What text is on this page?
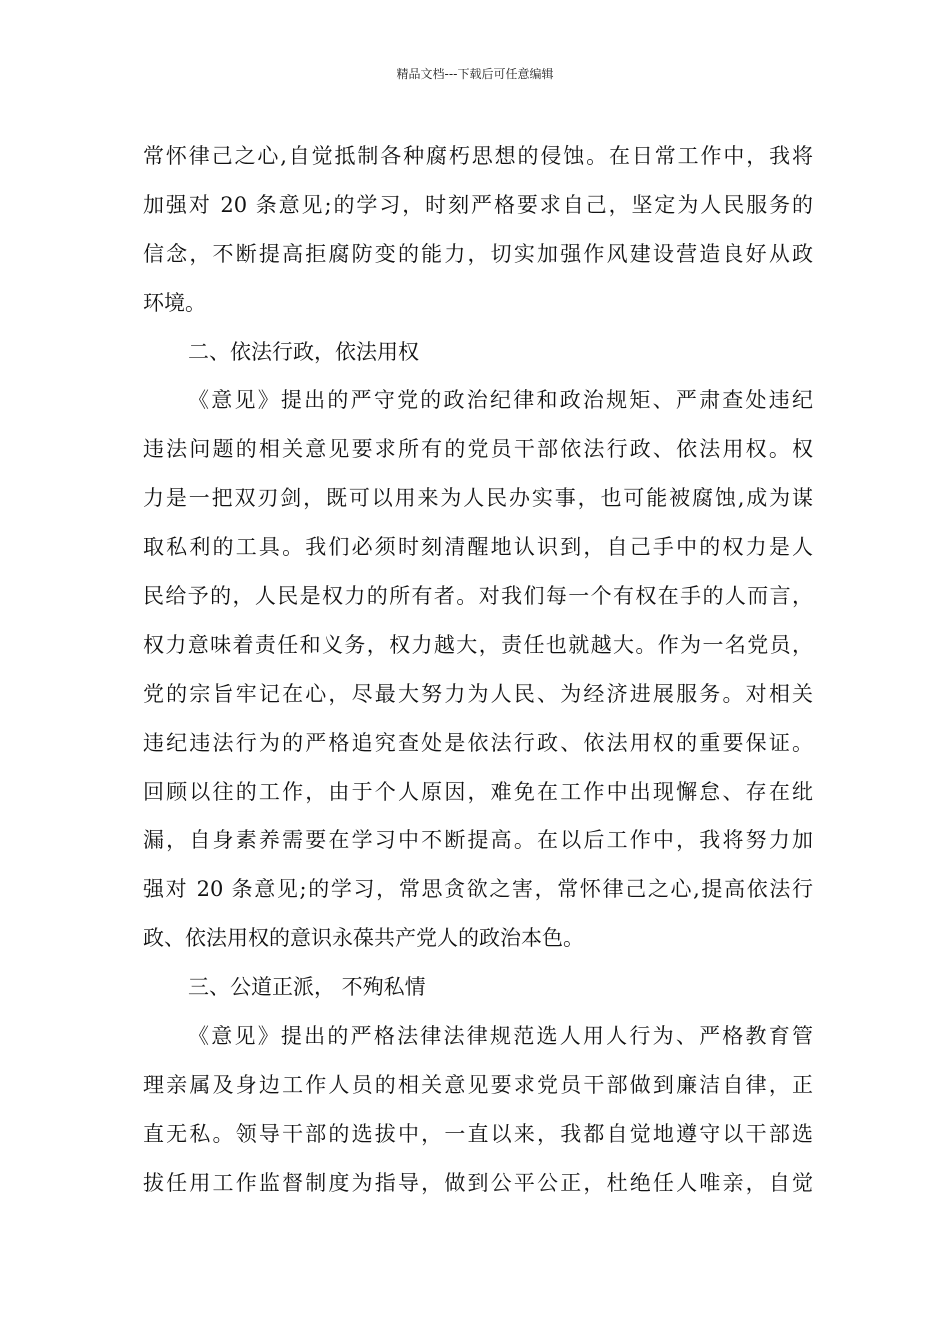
精品文档---下载后可任意编辑
常怀律己之心,自觉抵制各种腐朽思想的侵蚀。在日常工作中，我将
加强对 20 条意见;的学习，时刻严格要求自己，坚定为人民服务的
信念，不断提高拒腐防变的能力，切实加强作风建设营造良好从政
环境。
二、依法行政，依法用权
《意见》提出的严守党的政治纪律和政治规矩、严肃查处违纪
违法问题的相关意见要求所有的党员干部依法行政、依法用权。权
力是一把双刃剑，既可以用来为人民办实事，也可能被腐蚀,成为谋
取私利的工具。我们必须时刻清醒地认识到，自己手中的权力是人
民给予的，人民是权力的所有者。对我们每一个有权在手的人而言，
权力意味着责任和义务，权力越大，责任也就越大。作为一名党员，
党的宗旨牢记在心，尽最大努力为人民、为经济进展服务。对相关
违纪违法行为的严格追究查处是依法行政、依法用权的重要保证。
回顾以往的工作，由于个人原因，难免在工作中出现懈怠、存在纰
漏，自身素养需要在学习中不断提高。在以后工作中，我将努力加
强对 20 条意见;的学习，常思贪欲之害，常怀律己之心,提高依法行
政、依法用权的意识永葆共产党人的政治本色。
三、公道正派， 不殉私情
《意见》提出的严格法律法律规范选人用人行为、严格教育管
理亲属及身边工作人员的相关意见要求党员干部做到廉洁自律，正
直无私。领导干部的选拔中，一直以来，我都自觉地遵守以干部选
拔任用工作监督制度为指导，做到公平公正，杜绝任人唯亲，自觉
